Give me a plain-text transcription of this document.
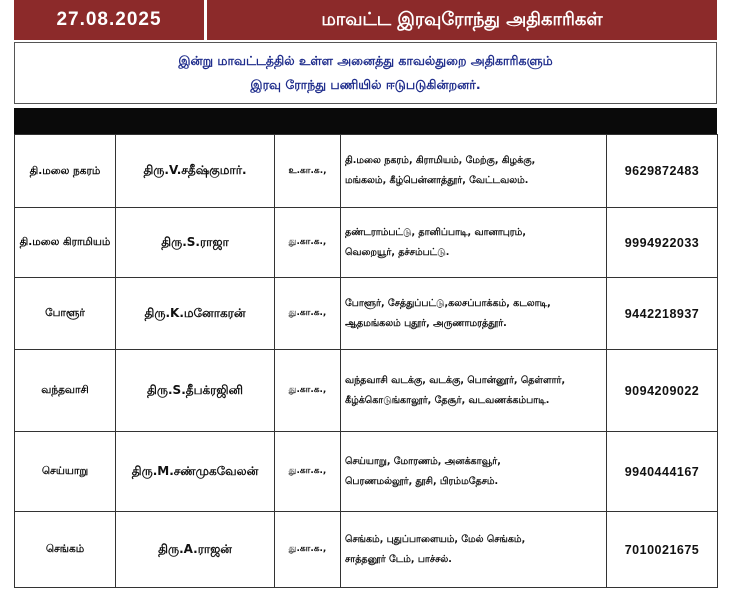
27.08.2025	மாவட்ட இரவுரோந்து அதிகாரிகள்
இன்று மாவட்டத்தில் உள்ள அனைத்து காவல்துறை அதிகாரிகளும்
இரவு ரோந்து பணியில் ஈடுபடுகின்றனர்.
தி.மலை நகரம்	திரு.V.சதீஷ்குமார்.	உ.கா.க.,	தி.மலை நகரம், கிராமியம், மேற்கு, கிழக்கு,
மங்கலம், கீழ்பென்னாத்தூர், வேட்டவலம்.	9629872483
தி.மலை கிராமியம்	திரு.S.ராஜா	து.கா.க.,	தண்டராம்பட்டு, தானிப்பாடி, வானாபுரம்,
வெறையூர், தச்சம்பட்டு.	9994922033
போளூர்	திரு.K.மனோகரன்	து.கா.க.,	போளூர், சேத்துப்பட்டு,கலசப்பாக்கம், கடலாடி,
ஆதமங்கலம் புதூர், அருணாமரத்தூர்.	9442218937
வந்தவாசி	திரு.S.தீபக்ரஜினி	து.கா.க.,	வந்தவாசி வடக்கு, வடக்கு, பொன்னூர், தெள்ளார்,
கீழ்க்கொடுங்காலூர், தேசூர், வடவணக்கம்பாடி.	9094209022
செய்யாறு	திரு.M.சண்முகவேலன்	து.கா.க.,	செய்யாறு, மோரணம், அனக்காவூர்,
பெரணமல்லூர், தூசி, பிரம்மதேசம்.	9940444167
செங்கம்	திரு.A.ராஜன்	து.கா.க.,	செங்கம், புதுப்பாளையம், மேல் செங்கம்,
சாத்தனூர் டேம், பாச்சல்.	7010021675
